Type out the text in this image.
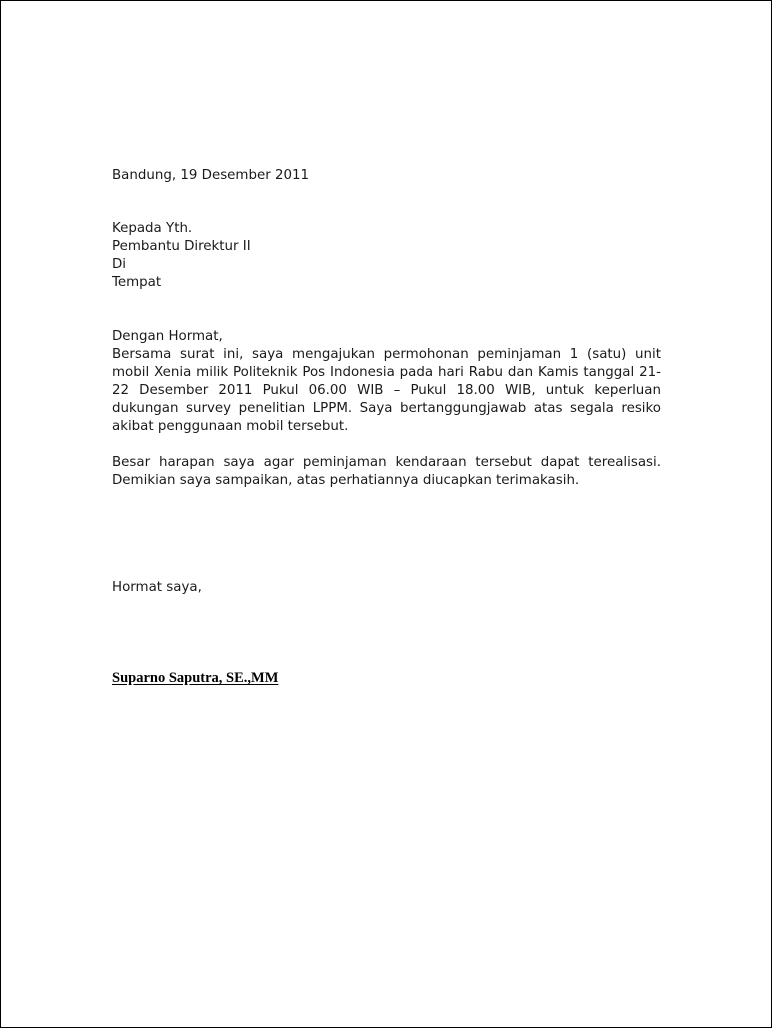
Bandung, 19 Desember 2011
Kepada Yth.
Pembantu Direktur II
Di
Tempat
Dengan Hormat,

Bersama surat ini, saya mengajukan permohonan peminjaman 1 (satu) unit mobil Xenia milik Politeknik Pos Indonesia pada hari Rabu dan Kamis tanggal 21-22 Desember 2011 Pukul 06.00 WIB – Pukul 18.00 WIB, untuk keperluan dukungan survey penelitian LPPM. Saya bertanggungjawab atas segala resiko akibat penggunaan mobil tersebut.

Besar harapan saya agar peminjaman kendaraan tersebut dapat terealisasi. Demikian saya sampaikan, atas perhatiannya diucapkan terimakasih.

Hormat saya,
Suparno Saputra, SE.,MM
